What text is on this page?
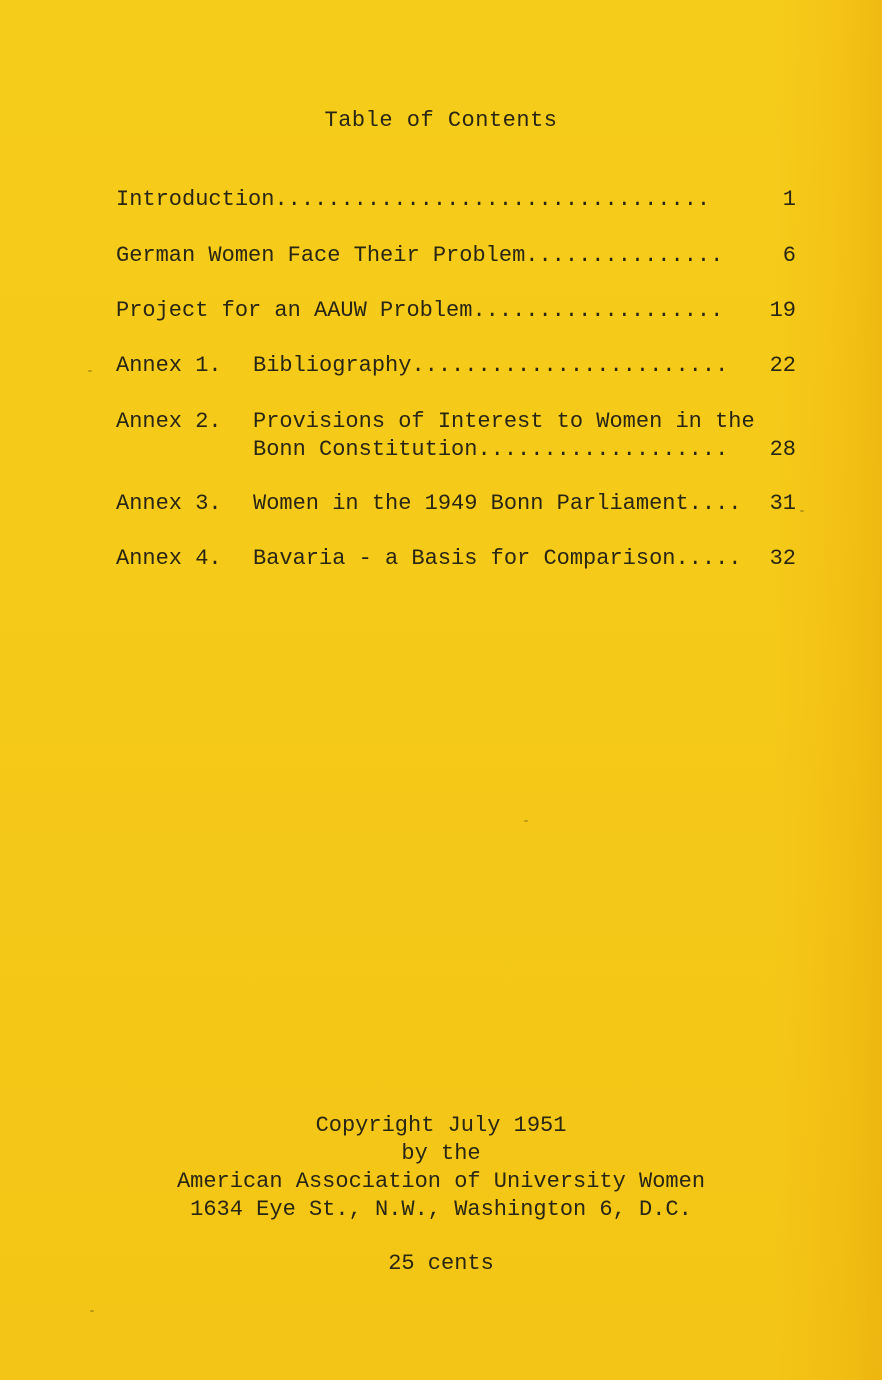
Table of Contents
Introduction.................................	1
German Women Face Their Problem...............	6
Project for an AAUW Problem................... 19
Annex 1. Bibliography........................ 22
Annex 2. Provisions of Interest to Women in the
Bonn Constitution................... 28
Annex 3. Women in the 1949 Bonn Parliament.... 31
Annex 4. Bavaria - a Basis for Comparison..... 32
Copyright July 1951
by the
American Association of University Women
1634 Eye St., N.W., Washington 6, D.C.
25 cents
